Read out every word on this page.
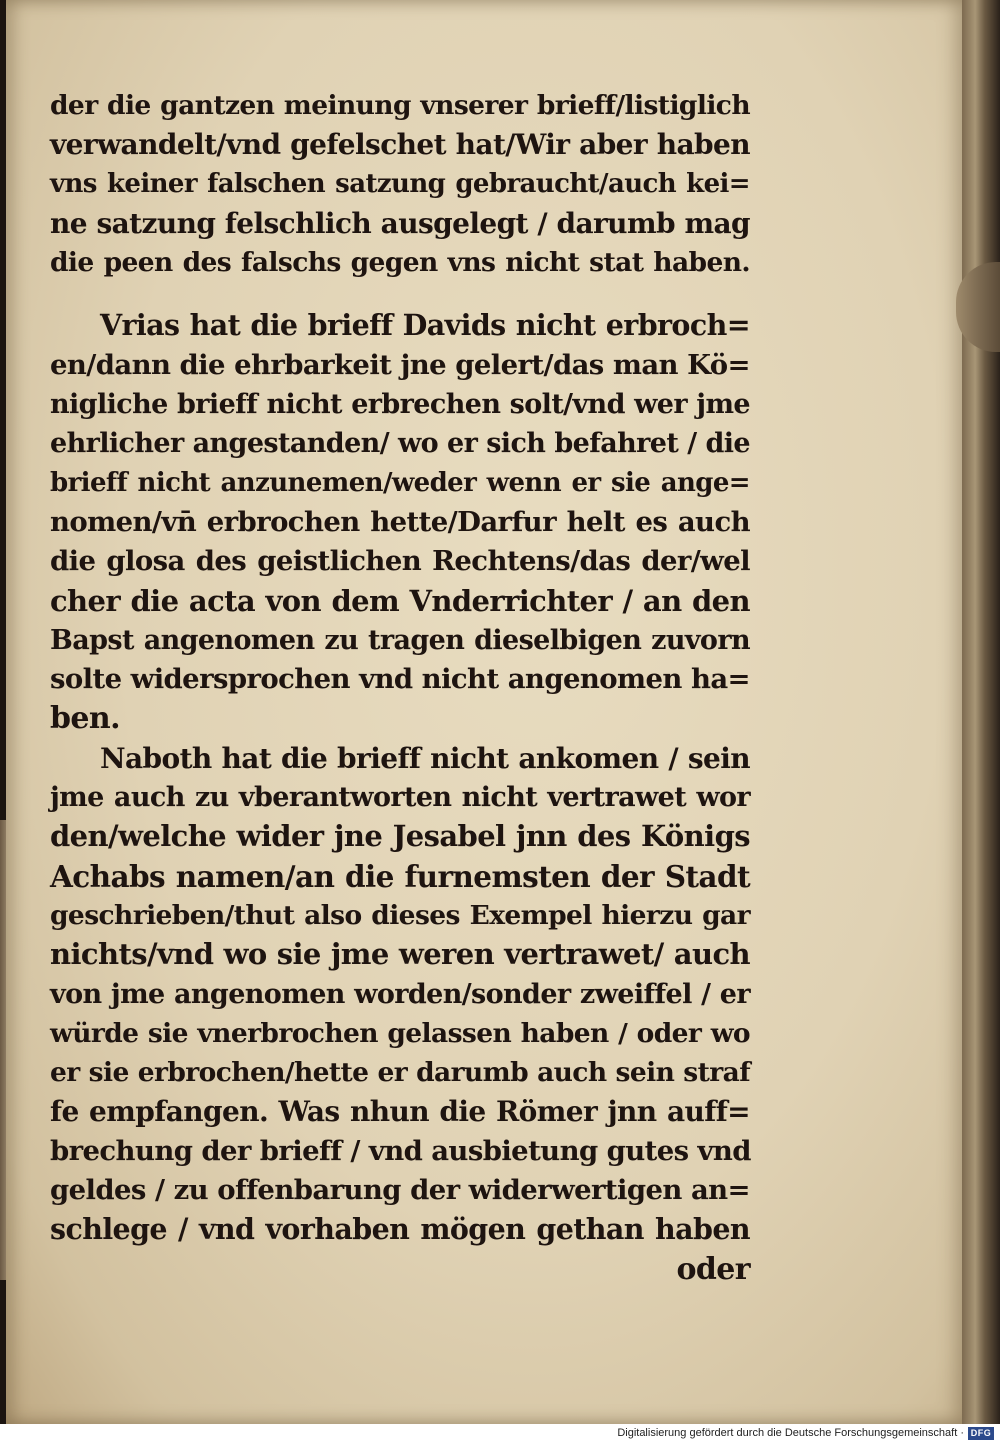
der die gantzen meinung vnserer brieff/listiglich
verwandelt/vnd gefelschet hat/Wir aber haben
vns keiner falschen satzung gebraucht/auch kei=
ne satzung felschlich ausgelegt / darumb mag
die peen des falschs gegen vns nicht stat haben.
Vrias hat die brieff Davids nicht erbroch=
en/dann die ehrbarkeit jne gelert/das man Kö=
nigliche brieff nicht erbrechen solt/vnd wer jme
ehrlicher angestanden/ wo er sich befahret / die
brieff nicht anzunemen/weder wenn er sie ange=
nomen/vn̄ erbrochen hette/Darfur helt es auch
die glosa des geistlichen Rechtens/das der/wel
cher die acta von dem Vnderrichter / an den
Bapst angenomen zu tragen dieselbigen zuvorn
solte widersprochen vnd nicht angenomen ha=
ben.
Naboth hat die brieff nicht ankomen / sein
jme auch zu vberantworten nicht vertrawet wor
den/welche wider jne Jesabel jnn des Königs
Achabs namen/an die furnemsten der Stadt
geschrieben/thut also dieses Exempel hierzu gar
nichts/vnd wo sie jme weren vertrawet/ auch
von jme angenomen worden/sonder zweiffel / er
würde sie vnerbrochen gelassen haben / oder wo
er sie erbrochen/hette er darumb auch sein straf
fe empfangen. Was nhun die Römer jnn auff=
brechung der brieff / vnd ausbietung gutes vnd
geldes / zu offenbarung der widerwertigen an=
schlege / vnd vorhaben mögen gethan haben
oder
Digitalisierung gefördert durch die Deutsche Forschungsgemeinschaft · DFG
